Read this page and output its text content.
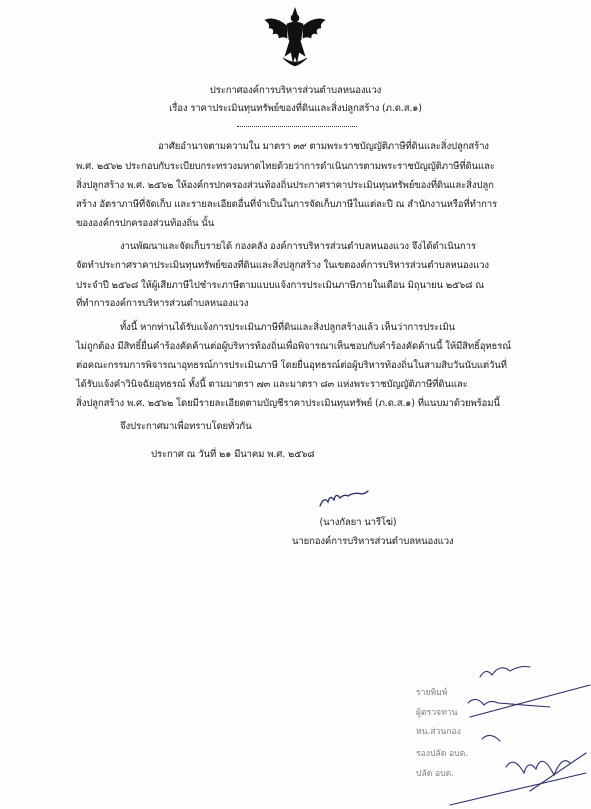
ประกาศองค์การบริหารส่วนตำบลหนองแวง
เรื่อง ราคาประเมินทุนทรัพย์ของที่ดินและสิ่งปลูกสร้าง (ภ.ด.ส.๑)
อาศัยอำนาจตามความใน มาตรา ๓๙ ตามพระราชบัญญัติภาษีที่ดินและสิ่งปลูกสร้าง
พ.ศ. ๒๕๖๒ ประกอบกับระเบียบกระทรวงมหาดไทยด้วยว่าการดำเนินการตามพระราชบัญญัติภาษีที่ดินและ
สิ่งปลูกสร้าง พ.ศ. ๒๕๖๒ ให้องค์กรปกครองส่วนท้องถิ่นประกาศราคาประเมินทุนทรัพย์ของที่ดินและสิ่งปลูก
สร้าง อัตราภาษีที่จัดเก็บ และรายละเอียดอื่นที่จำเป็นในการจัดเก็บภาษีในแต่ละปี ณ สำนักงานหรือที่ทำการ
ขององค์กรปกครองส่วนท้องถิ่น นั้น
งานพัฒนาและจัดเก็บรายได้ กองคลัง องค์การบริหารส่วนตำบลหนองแวง จึงได้ดำเนินการ
จัดทำประกาศราคาประเมินทุนทรัพย์ของที่ดินและสิ่งปลูกสร้าง ในเขตองค์การบริหารส่วนตำบลหนองแวง
ประจำปี ๒๕๖๘ ให้ผู้เสียภาษีไปชำระภาษีตามแบบแจ้งการประเมินภาษีภายในเดือน มิถุนายน ๒๕๖๘ ณ
ที่ทำการองค์การบริหารส่วนตำบลหนองแวง
ทั้งนี้ หากท่านได้รับแจ้งการประเมินภาษีที่ดินและสิ่งปลูกสร้างแล้ว เห็นว่าการประเมิน
ไม่ถูกต้อง มีสิทธิ์ยื่นคำร้องคัดค้านต่อผู้บริหารท้องถิ่นเพื่อพิจารณาเห็นชอบกับคำร้องคัดค้านนี้ ให้มีสิทธิ์อุทธรณ์
ต่อคณะกรรมการพิจารณาอุทธรณ์การประเมินภาษี โดยยื่นอุทธรณ์ต่อผู้บริหารท้องถิ่นในสามสิบวันนับแต่วันที่
ได้รับแจ้งคำวินิจฉัยอุทธรณ์ ทั้งนี้ ตามมาตรา ๗๓ และมาตรา ๘๓ แห่งพระราชบัญญัติภาษีที่ดินและ
สิ่งปลูกสร้าง พ.ศ. ๒๕๖๒ โดยมีรายละเอียดตามบัญชีราคาประเมินทุนทรัพย์ (ภ.ด.ส.๑) ที่แนบมาด้วยพร้อมนี้
จึงประกาศมาเพื่อทราบโดยทั่วกัน
ประกาศ ณ วันที่ ๒๑ มีนาคม พ.ศ. ๒๕๖๘
(นางกัลยา นารีโฆ่)
นายกองค์การบริหารส่วนตำบลหนองแวง
รายพิมพ์
ผู้ตรวจทาน
หน.ส่วนกอง
รองปลัด อบต.
ปลัด อบต.
